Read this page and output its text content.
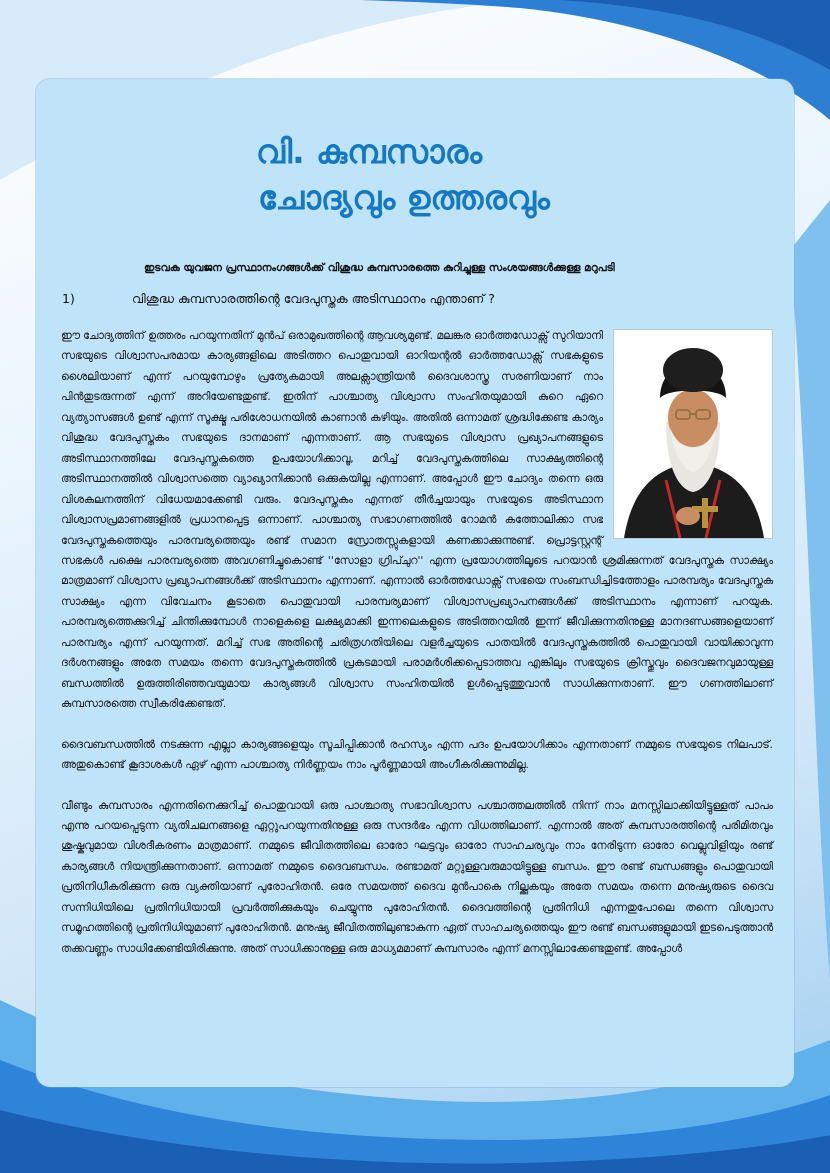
വി. കുമ്പസാരം
ചോദ്യവും ഉത്തരവും
ഇടവക യുവജന പ്രസ്ഥാനംഗങ്ങൾക്ക് വിശുദ്ധ കുമ്പസാരത്തെ കുറിച്ചുള്ള സംശയങ്ങൾക്കുള്ള മറുപടി
1)	വിശുദ്ധ കുമ്പസാരത്തിന്റെ വേദപുസ്തക അടിസ്ഥാനം എന്താണ് ?

ഈ ചോദ്യത്തിന് ഉത്തരം പറയുന്നതിന് മുൻപ് ഒരാമുഖത്തിന്റെ ആവശ്യമുണ്ട്. മലങ്കര ഓർത്തഡോക്സ് സുറിയാനി സഭയുടെ വിശ്വാസപരമായ കാര്യങ്ങളിലെ അടിത്തറ പൊതുവായി ഓറിയന്റൽ ഓർത്തഡോക്സ് സഭകളുടെ ശൈലിയാണ് എന്ന് പറയുമ്പോഴും പ്രത്യേകമായി അലക്സാന്ത്രിയൻ ദൈവശാസ്ത്ര സരണിയാണ് നാം പിൻതുടരുന്നത് എന്ന് അറിയേണ്ടതുണ്ട്. ഇതിന് പാശ്ചാത്യ വിശ്വാസ സംഹിതയുമായി കുറെ ഏറെ വ്യത്യാസങ്ങൾ ഉണ്ട് എന്ന് സൂക്ഷ്മ പരിശോധനയിൽ കാണാൻ കഴിയും. അതിൽ ഒന്നാമത് ശ്രദ്ധിക്കേണ്ട കാര്യം വിശുദ്ധ വേദപുസ്തകം സഭയുടെ ദാനമാണ് എന്നതാണ്. ആ സഭയുടെ വിശ്വാസ പ്രഖ്യാപനങ്ങളുടെ അടിസ്ഥാനത്തിലേ വേദപുസ്തകത്തെ ഉപയോഗിക്കാവൂ, മറിച്ച് വേദപുസ്തകത്തിലെ സാക്ഷ്യത്തിന്റെ അടിസ്ഥാനത്തിൽ വിശ്വാസത്തെ വ്യാഖ്യാനിക്കാൻ ഒക്കുകയില്ല എന്നാണ്. അപ്പോൾ ഈ ചോദ്യം തന്നെ ഒരു വിശകലനത്തിന് വിധേയമാക്കേണ്ടി വരും. വേദപുസ്തകം എന്നത് തീർച്ചയായും സഭയുടെ അടിസ്ഥാന വിശ്വാസപ്രമാണങ്ങളിൽ പ്രധാനപ്പെട്ട ഒന്നാണ്. പാശ്ചാത്യ സഭാഗണത്തിൽ റോമൻ കത്തോലിക്കാ സഭ വേദപുസ്തകത്തെയും പാരമ്പര്യത്തെയും രണ്ട് സമാന സ്രോതസ്സുകളായി കണക്കാക്കുന്നുണ്ട്. പ്രൊട്ടസ്റ്റന്റ് സഭകൾ പക്ഷെ പാരമ്പര്യത്തെ അവഗണിച്ചുകൊണ്ട് ''സോളാ ഗ്രിപ്ചുറ'' എന്ന പ്രയോഗത്തിലൂടെ പറയാൻ ശ്രമിക്കുന്നത് വേദപുസ്തക സാക്ഷ്യം മാത്രമാണ് വിശ്വാസ പ്രഖ്യാപനങ്ങൾക്ക് അടിസ്ഥാനം എന്നാണ്. എന്നാൽ ഓർത്തഡോക്സ് സഭയെ സംബന്ധിച്ചിടത്തോളം പാരമ്പര്യം വേദപുസ്തക സാക്ഷ്യം എന്ന വിവേചനം കൂടാതെ പൊതുവായി പാരമ്പര്യമാണ് വിശ്വാസപ്രഖ്യാപനങ്ങൾക്ക് അടിസ്ഥാനം എന്നാണ് പറയുക. പാരമ്പര്യത്തെക്കുറിച്ച് ചിന്തിക്കുമ്പോൾ നാളെകളെ ലക്ഷ്യമാക്കി ഇന്നലെകളുടെ അടിത്തറയിൽ ഇന്ന് ജീവിക്കുന്നതിനുള്ള മാനദണ്ഡങ്ങളെയാണ് പാരമ്പര്യം എന്ന് പറയുന്നത്. മറിച്ച് സഭ അതിന്റെ ചരിത്രഗതിയിലെ വളർച്ചയുടെ പാതയിൽ വേദപുസ്തകത്തിൽ പൊതുവായി വായിക്കാവുന്ന ദർശനങ്ങളും അതേ സമയം തന്നെ വേദപുസ്തകത്തിൽ പ്രകടമായി പരാമർശിക്കപ്പെടാത്തവ എങ്കിലും സഭയുടെ ക്രിസ്തുവും ദൈവജനവുമായുള്ള ബന്ധത്തിൽ ഉരുത്തിരിഞ്ഞവയുമായ കാര്യങ്ങൾ വിശ്വാസ സംഹിതയിൽ ഉൾപ്പെടുത്തുവാൻ സാധിക്കുന്നതാണ്. ഈ ഗണത്തിലാണ് കുമ്പസാരത്തെ സ്വീകരിക്കേണ്ടത്.

ദൈവബന്ധത്തിൽ നടക്കുന്ന എല്ലാ കാര്യങ്ങളെയും സൂചിപ്പിക്കാൻ രഹസ്യം എന്ന പദം ഉപയോഗിക്കാം എന്നതാണ് നമ്മുടെ സഭയുടെ നിലപാട്. അതുകൊണ്ട് കൂദാശകൾ ഏഴ് എന്ന പാശ്ചാത്യ നിർണ്ണയം നാം പൂർണ്ണമായി അംഗീകരിക്കുന്നുമില്ല.

വീണ്ടും കുമ്പസാരം എന്നതിനെക്കുറിച്ച് പൊതുവായി ഒരു പാശ്ചാത്യ സഭാവിശ്വാസ പശ്ചാത്തലത്തിൽ നിന്ന് നാം മനസ്സിലാക്കിയിട്ടുള്ളത് പാപം എന്നു പറയപ്പെടുന്ന വ്യതിചലനങ്ങളെ ഏറ്റുപറയുന്നതിനുള്ള ഒരു സന്ദർഭം എന്ന വിധത്തിലാണ്. എന്നാൽ അത് കുമ്പസാരത്തിന്റെ പരിമിതവും ശുഷ്കവുമായ വിശദീകരണം മാത്രമാണ്. നമ്മുടെ ജീവിതത്തിലെ ഓരോ ഘട്ടവും ഓരോ സാഹചര്യവും നാം നേരിടുന്ന ഓരോ വെല്ലുവിളിയും രണ്ട് കാര്യങ്ങൾ നിയന്ത്രിക്കുന്നതാണ്. ഒന്നാമത് നമ്മുടെ ദൈവബന്ധം. രണ്ടാമത് മറ്റുള്ളവരുമായിട്ടുള്ള ബന്ധം. ഈ രണ്ട് ബന്ധങ്ങളും പൊതുവായി പ്രതിനിധീകരിക്കുന്ന ഒരു വ്യക്തിയാണ് പുരോഹിതൻ. ഒരേ സമയത്ത് ദൈവ മുൻപാകെ നില്ക്കുകയും അതേ സമയം തന്നെ മനുഷ്യരുടെ ദൈവ സന്നിധിയിലെ പ്രതിനിധിയായി പ്രവർത്തിക്കുകയും ചെയ്യുന്നു പുരോഹിതൻ. ദൈവത്തിന്റെ പ്രതിനിധി എന്നതുപോലെ തന്നെ വിശ്വാസ സമൂഹത്തിന്റെ പ്രതിനിധിയുമാണ് പുരോഹിതൻ. മനുഷ്യ ജീവിതത്തിലുണ്ടാകുന്ന ഏത് സാഹചര്യത്തെയും ഈ രണ്ട് ബന്ധങ്ങളുമായി ഇടപെടുത്താൻ തക്കവണ്ണം സാധിക്കേണ്ടിയിരിക്കുന്നു. അത് സാധിക്കാനുള്ള ഒരു മാധ്യമമാണ് കുമ്പസാരം എന്ന് മനസ്സിലാക്കേണ്ടതുണ്ട്. അപ്പോൾ
